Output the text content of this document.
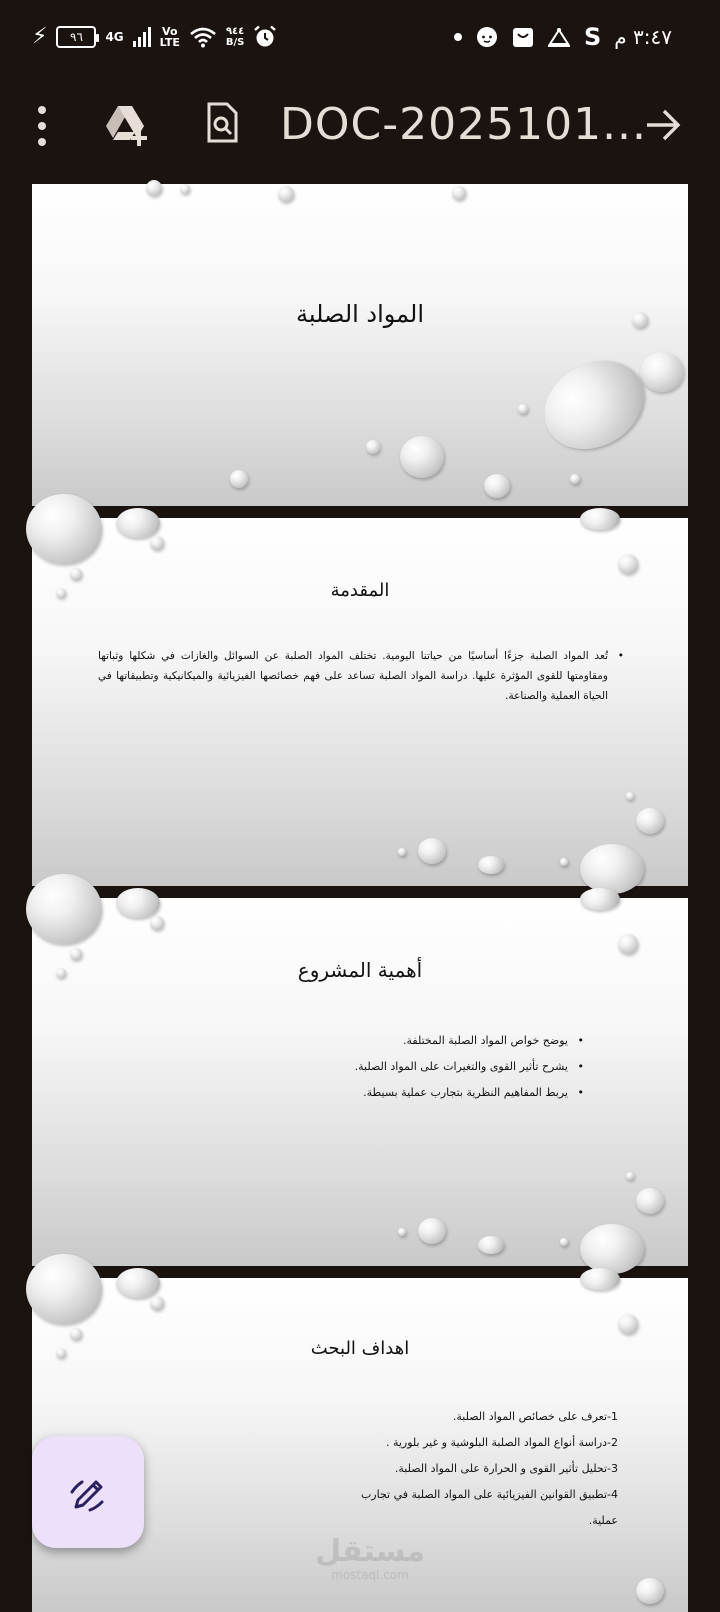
⚡ ٩٦ 4G	Vo
LTE
٩٤٤
B/S	S ٣:٤٧ م
DOC-2025101...
المواد الصلبة
المقدمة
• تُعد المواد الصلبة جزءًا أساسيًا من حياتنا اليومية. تختلف المواد الصلبة عن السوائل والغازات في شكلها وثباتها ومقاومتها للقوى المؤثرة عليها. دراسة المواد الصلبة تساعد على فهم خصائصها الفيزيائية والميكانيكية وتطبيقاتها في الحياة العملية والصناعة.
أهمية المشروع
• يوضح خواص المواد الصلبة المختلفة.
• يشرح تأثير القوى والتغيرات على المواد الصلبة.
• يربط المفاهيم النظرية بتجارب عملية بسيطة.
اهداف البحث
1-تعرف على خصائص المواد الصلبة.
2-دراسة أنواع المواد الصلبة البلوشية و غير بلورية .
3-تحليل تأثير القوى و الحرارة على المواد الصلبة.
4-تطبيق القوانين الفيزيائية على المواد الصلبة في تجارب عملية.
مستقل
mostaql.com
